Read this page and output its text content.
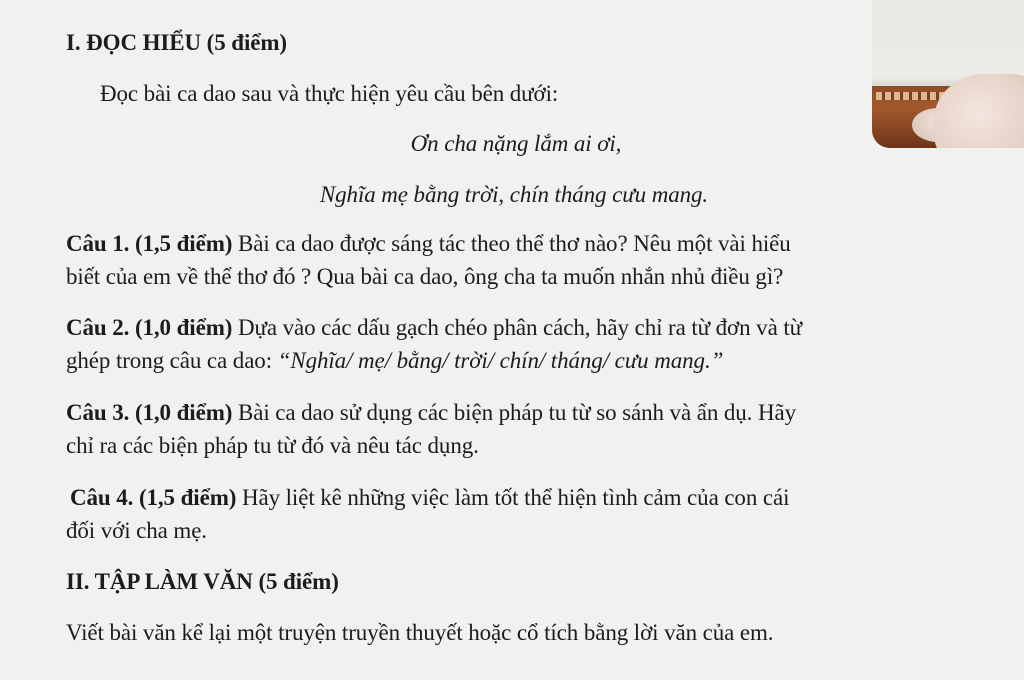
I. ĐỌC HIỂU (5 điểm)
Đọc bài ca dao sau và thực hiện yêu cầu bên dưới:
Ơn cha nặng lắm ai ơi,
Nghĩa mẹ bằng trời, chín tháng cưu mang.
Câu 1. (1,5 điểm) Bài ca dao được sáng tác theo thể thơ nào? Nêu một vài hiểu
biết của em về thể thơ đó ? Qua bài ca dao, ông cha ta muốn nhắn nhủ điều gì?
Câu 2. (1,0 điểm) Dựa vào các dấu gạch chéo phân cách, hãy chỉ ra từ đơn và từ
ghép trong câu ca dao: “Nghĩa/ mẹ/ bằng/ trời/ chín/ tháng/ cưu mang.”
Câu 3. (1,0 điểm) Bài ca dao sử dụng các biện pháp tu từ so sánh và ẩn dụ. Hãy
chỉ ra các biện pháp tu từ đó và nêu tác dụng.
Câu 4. (1,5 điểm) Hãy liệt kê những việc làm tốt thể hiện tình cảm của con cái
đối với cha mẹ.
II. TẬP LÀM VĂN (5 điểm)
Viết bài văn kể lại một truyện truyền thuyết hoặc cổ tích bằng lời văn của em.
